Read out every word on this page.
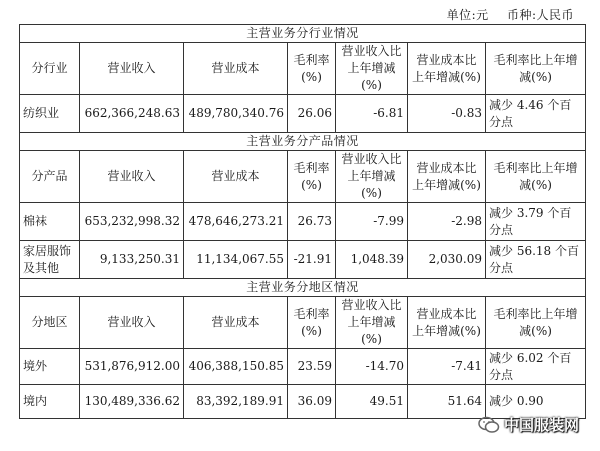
单位:元 币种:人民币
主营业务分行业情况						
分行业	营业收入	营业成本	毛利率(%)	营业收入比上年增减(%)	营业成本比上年增减(%)	毛利率比上年增减(%)
纺织业	662,366,248.63	489,780,340.76	26.06	-6.81	-0.83	减少 4.46 个百分点
主营业务分产品情况						
分产品	营业收入	营业成本	毛利率(%)	营业收入比上年增减(%)	营业成本比上年增减(%)	毛利率比上年增减(%)
棉袜	653,232,998.32	478,646,273.21	26.73	-7.99	-2.98	减少 3.79 个百分点
家居服饰及其他	9,133,250.31	11,134,067.55	-21.91	1,048.39	2,030.09	减少 56.18 个百分点
主营业务分地区情况						
分地区	营业收入	营业成本	毛利率(%)	营业收入比上年增减(%)	营业成本比上年增减(%)	毛利率比上年增减(%)
境外	531,876,912.00	406,388,150.85	23.59	-14.70	-7.41	减少 6.02 个百分点
境内	130,489,336.62	83,392,189.91	36.09	49.51	51.64	减少 0.90
中国服装网
